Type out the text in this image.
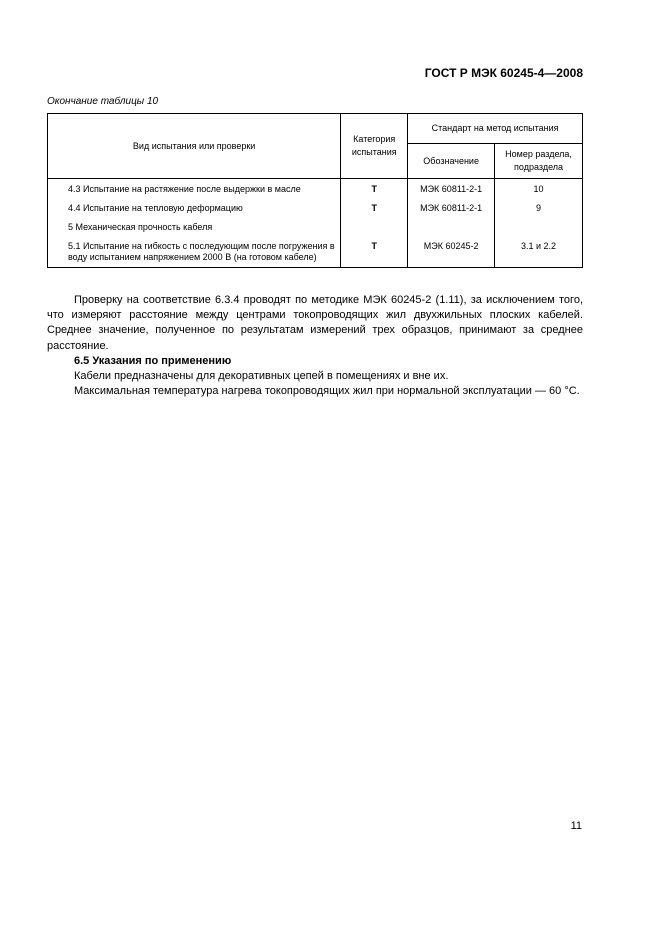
ГОСТ Р МЭК 60245-4—2008
Окончание таблицы 10
Вид испытания или проверки	Категория испытания	Стандарт на метод испытания	
		Обозначение	Номер раздела, подраздела
4.3 Испытание на растяжение после выдержки в масле	Т	МЭК 60811-2-1	10
4.4 Испытание на тепловую деформацию	Т	МЭК 60811-2-1	9
5 Механическая прочность кабеля			
5.1 Испытание на гибкость с последующим после погружения в воду испытанием напряжением 2000 В (на готовом кабеле)	Т	МЭК 60245-2	3.1 и 2.2

Проверку на соответствие 6.3.4 проводят по методике МЭК 60245-2 (1.11), за исключением того, что измеряют расстояние между центрами токопроводящих жил двухжильных плоских кабелей. Среднее значение, полученное по результатам измерений трех образцов, принимают за среднее расстояние.

6.5 Указания по применению

Кабели предназначены для декоративных цепей в помещениях и вне их.

Максимальная температура нагрева токопроводящих жил при нормальной эксплуатации — 60 °С.

11
